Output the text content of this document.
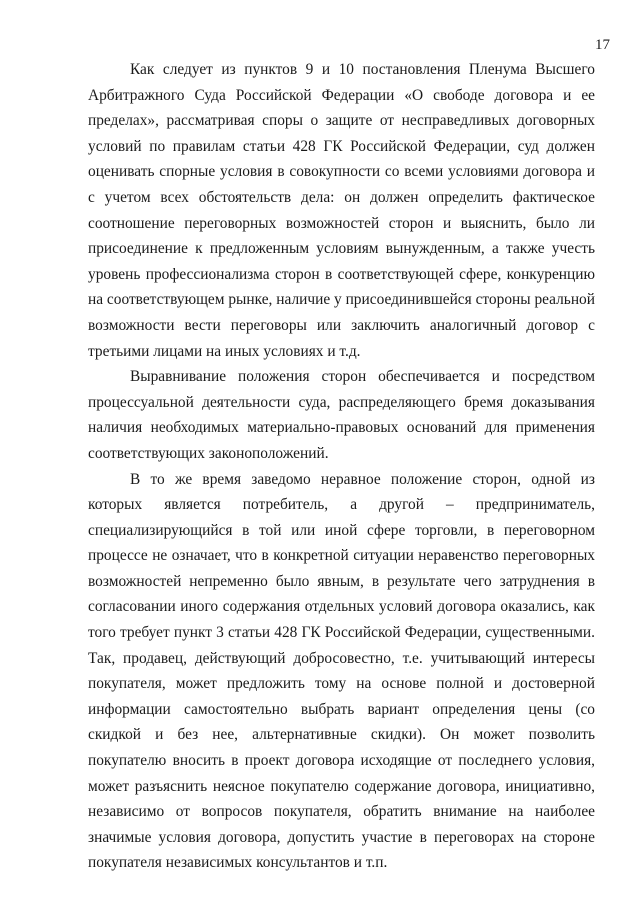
17

Как следует из пунктов 9 и 10 постановления Пленума Высшего Арбитражного Суда Российской Федерации «О свободе договора и ее пределах», рассматривая споры о защите от несправедливых договорных условий по правилам статьи 428 ГК Российской Федерации, суд должен оценивать спорные условия в совокупности со всеми условиями договора и с учетом всех обстоятельств дела: он должен определить фактическое соотношение переговорных возможностей сторон и выяснить, было ли присоединение к предложенным условиям вынужденным, а также учесть уровень профессионализма сторон в соответствующей сфере, конкуренцию на соответствующем рынке, наличие у присоединившейся стороны реальной возможности вести переговоры или заключить аналогичный договор с третьими лицами на иных условиях и т.д.

Выравнивание положения сторон обеспечивается и посредством процессуальной деятельности суда, распределяющего бремя доказывания наличия необходимых материально-правовых оснований для применения соответствующих законоположений.

В то же время заведомо неравное положение сторон, одной из которых является потребитель, а другой – предприниматель, специализирующийся в той или иной сфере торговли, в переговорном процессе не означает, что в конкретной ситуации неравенство переговорных возможностей непременно было явным, в результате чего затруднения в согласовании иного содержания отдельных условий договора оказались, как того требует пункт 3 статьи 428 ГК Российской Федерации, существенными. Так, продавец, действующий добросовестно, т.е. учитывающий интересы покупателя, может предложить тому на основе полной и достоверной информации самостоятельно выбрать вариант определения цены (со скидкой и без нее, альтернативные скидки). Он может позволить покупателю вносить в проект договора исходящие от последнего условия, может разъяснить неясное покупателю содержание договора, инициативно, независимо от вопросов покупателя, обратить внимание на наиболее значимые условия договора, допустить участие в переговорах на стороне покупателя независимых консультантов и т.п.
